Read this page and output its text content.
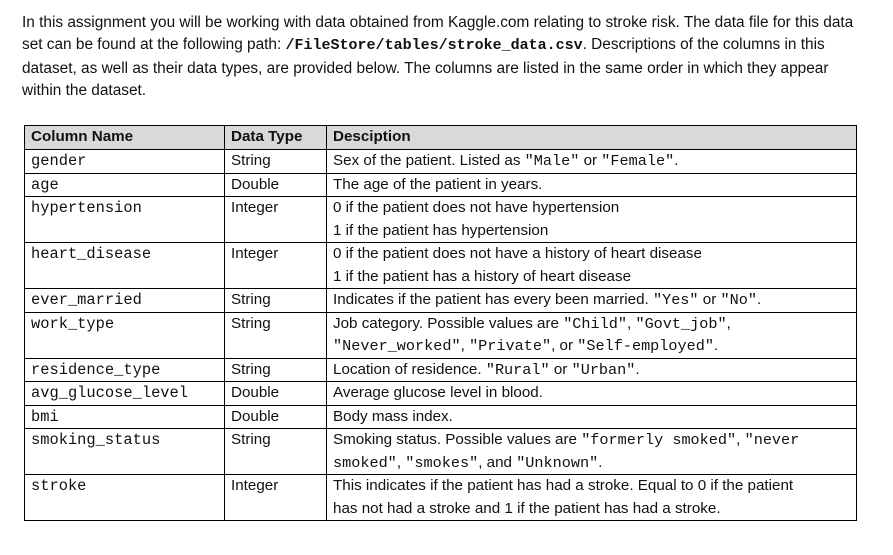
In this assignment you will be working with data obtained from Kaggle.com relating to stroke risk. The data file for this data set can be found at the following path: /FileStore/tables/stroke_data.csv. Descriptions of the columns in this dataset, as well as their data types, are provided below. The columns are listed in the same order in which they appear within the dataset.
Column Name	Data Type	Desciption
gender	String	Sex of the patient. Listed as "Male" or "Female".

age	Double	The age of the patient in years.

hypertension	Integer	0 if the patient does not have hypertension
1 if the patient has hypertension

heart_disease	Integer	0 if the patient does not have a history of heart disease
1 if the patient has a history of heart disease

ever_married	String	Indicates if the patient has every been married. "Yes" or "No".

work_type	String	Job category. Possible values are "Child", "Govt_job",
"Never_worked", "Private", or "Self-employed".

residence_type	String	Location of residence. "Rural" or "Urban".

avg_glucose_level	Double	Average glucose level in blood.

bmi	Double	Body mass index.

smoking_status	String	Smoking status. Possible values are "formerly smoked", "never
smoked", "smokes", and "Unknown".

stroke	Integer	This indicates if the patient has had a stroke. Equal to 0 if the patient
has not had a stroke and 1 if the patient has had a stroke.
